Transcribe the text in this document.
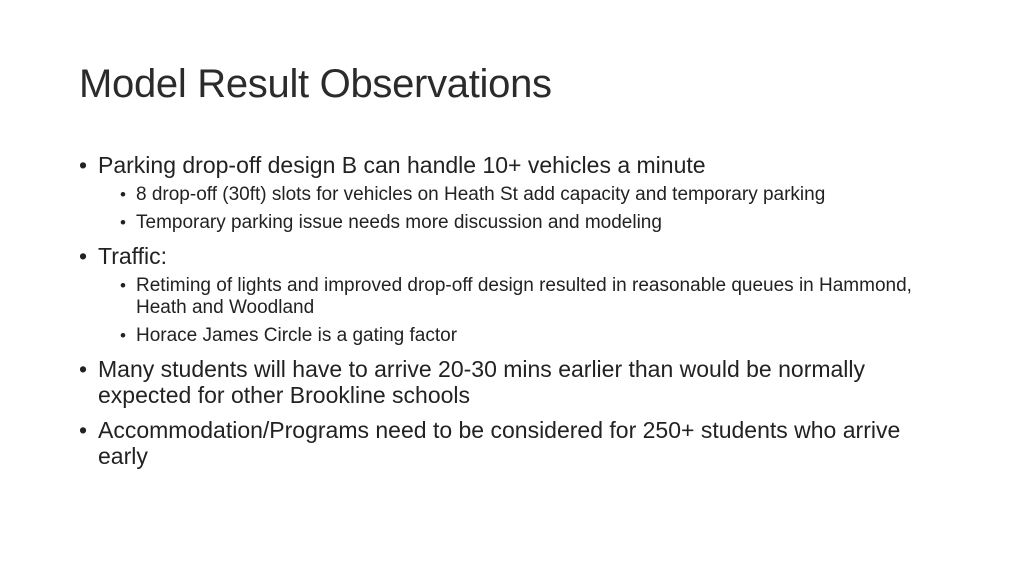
Model Result Observations
• Parking drop-off design B can handle 10+ vehicles a minute
• 8 drop-off (30ft) slots for vehicles on Heath St add capacity and temporary parking
• Temporary parking issue needs more discussion and modeling
• Traffic:
• Retiming of lights and improved drop-off design resulted in reasonable queues in Hammond, Heath and Woodland
• Horace James Circle is a gating factor
• Many students will have to arrive 20-30 mins earlier than would be normally expected for other Brookline schools
• Accommodation/Programs need to be considered for 250+ students who arrive early
